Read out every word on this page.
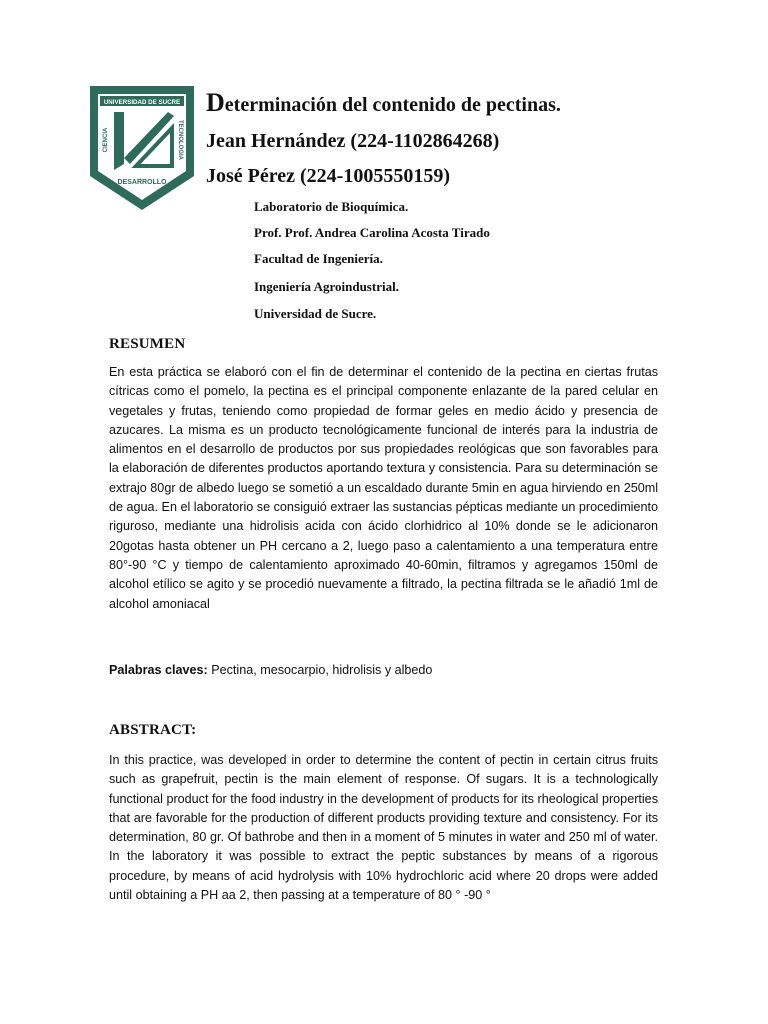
UNIVERSIDAD DE SUCRE
CIENCIA	TECNOLOGIA
DESARROLLO
Determinación del contenido de pectinas.

Jean Hernández (224-1102864268)

José Pérez (224-1005550159)

Laboratorio de Bioquímica.

Prof. Prof. Andrea Carolina Acosta Tirado

Facultad de Ingeniería.

Ingeniería Agroindustrial.

Universidad de Sucre.

RESUMEN

En esta práctica se elaboró con el fin de determinar el contenido de la pectina en ciertas frutas cítricas como el pomelo, la pectina es el principal componente enlazante de la pared celular en vegetales y frutas, teniendo como propiedad de formar geles en medio ácido y presencia de azucares. La misma es un producto tecnológicamente funcional de interés para la industria de alimentos en el desarrollo de productos por sus propiedades reológicas que son favorables para la elaboración de diferentes productos aportando textura y consistencia. Para su determinación se extrajo 80gr de albedo luego se sometió a un escaldado durante 5min en agua hirviendo en 250ml de agua. En el laboratorio se consiguió extraer las sustancias pépticas mediante un procedimiento riguroso, mediante una hidrolisis acida con ácido clorhidrico al 10% donde se le adicionaron 20gotas hasta obtener un PH cercano a 2, luego paso a calentamiento a una temperatura entre 80°-90 °C y tiempo de calentamiento aproximado 40-60min, filtramos y agregamos 150ml de alcohol etílico se agito y se procedió nuevamente a filtrado, la pectina filtrada se le añadió 1ml de alcohol amoniacal

Palabras claves: Pectina, mesocarpio, hidrolisis y albedo

ABSTRACT:

In this practice, was developed in order to determine the content of pectin in certain citrus fruits such as grapefruit, pectin is the main element of response. Of sugars. It is a technologically functional product for the food industry in the development of products for its rheological properties that are favorable for the production of different products providing texture and consistency. For its determination, 80 gr. Of bathrobe and then in a moment of 5 minutes in water and 250 ml of water. In the laboratory it was possible to extract the peptic substances by means of a rigorous procedure, by means of acid hydrolysis with 10% hydrochloric acid where 20 drops were added until obtaining a PH aa 2, then passing at a temperature of 80 ° -90 °
